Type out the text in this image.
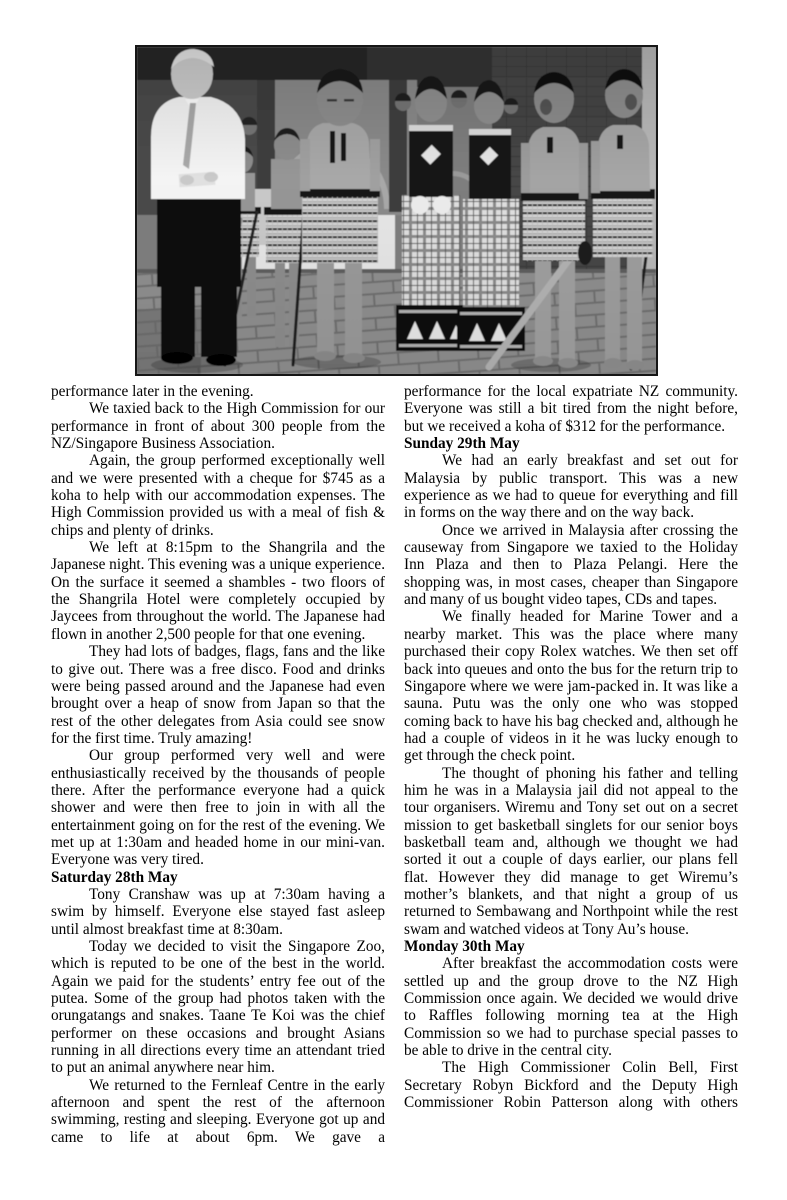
performance later in the evening.

We taxied back to the High Commission for our performance in front of about 300 people from the NZ/Singapore Business Association.

Again, the group performed exceptionally well and we were presented with a cheque for $745 as a koha to help with our accommodation expenses. The High Commission provided us with a meal of fish & chips and plenty of drinks.

We left at 8:15pm to the Shangrila and the Japanese night. This evening was a unique experience. On the surface it seemed a shambles - two floors of the Shangrila Hotel were completely occupied by Jaycees from throughout the world. The Japanese had flown in another 2,500 people for that one evening.

They had lots of badges, flags, fans and the like to give out. There was a free disco. Food and drinks were being passed around and the Japanese had even brought over a heap of snow from Japan so that the rest of the other delegates from Asia could see snow for the first time. Truly amazing!

Our group performed very well and were enthusiastically received by the thousands of people there. After the performance everyone had a quick shower and were then free to join in with all the entertainment going on for the rest of the evening. We met up at 1:30am and headed home in our mini-van. Everyone was very tired.

Saturday 28th May

Tony Cranshaw was up at 7:30am having a swim by himself. Everyone else stayed fast asleep until almost breakfast time at 8:30am.

Today we decided to visit the Singapore Zoo, which is reputed to be one of the best in the world. Again we paid for the students’ entry fee out of the putea. Some of the group had photos taken with the orungatangs and snakes. Taane Te Koi was the chief performer on these occasions and brought Asians running in all directions every time an attendant tried to put an animal anywhere near him.

We returned to the Fernleaf Centre in the early afternoon and spent the rest of the afternoon swimming, resting and sleeping. Everyone got up and came to life at about 6pm. We gave a

performance for the local expatriate NZ community. Everyone was still a bit tired from the night before, but we received a koha of $312 for the performance.

Sunday 29th May

We had an early breakfast and set out for Malaysia by public transport. This was a new experience as we had to queue for everything and fill in forms on the way there and on the way back.

Once we arrived in Malaysia after crossing the causeway from Singapore we taxied to the Holiday Inn Plaza and then to Plaza Pelangi. Here the shopping was, in most cases, cheaper than Singapore and many of us bought video tapes, CDs and tapes.

We finally headed for Marine Tower and a nearby market. This was the place where many purchased their copy Rolex watches. We then set off back into queues and onto the bus for the return trip to Singapore where we were jam-packed in. It was like a sauna. Putu was the only one who was stopped coming back to have his bag checked and, although he had a couple of videos in it he was lucky enough to get through the check point.

The thought of phoning his father and telling him he was in a Malaysia jail did not appeal to the tour organisers. Wiremu and Tony set out on a secret mission to get basketball singlets for our senior boys basketball team and, although we thought we had sorted it out a couple of days earlier, our plans fell flat. However they did manage to get Wiremu’s mother’s blankets, and that night a group of us returned to Sembawang and Northpoint while the rest swam and watched videos at Tony Au’s house.

Monday 30th May

After breakfast the accommodation costs were settled up and the group drove to the NZ High Commission once again. We decided we would drive to Raffles following morning tea at the High Commission so we had to purchase special passes to be able to drive in the central city.

The High Commissioner Colin Bell, First Secretary Robyn Bickford and the Deputy High Commissioner Robin Patterson along with others
